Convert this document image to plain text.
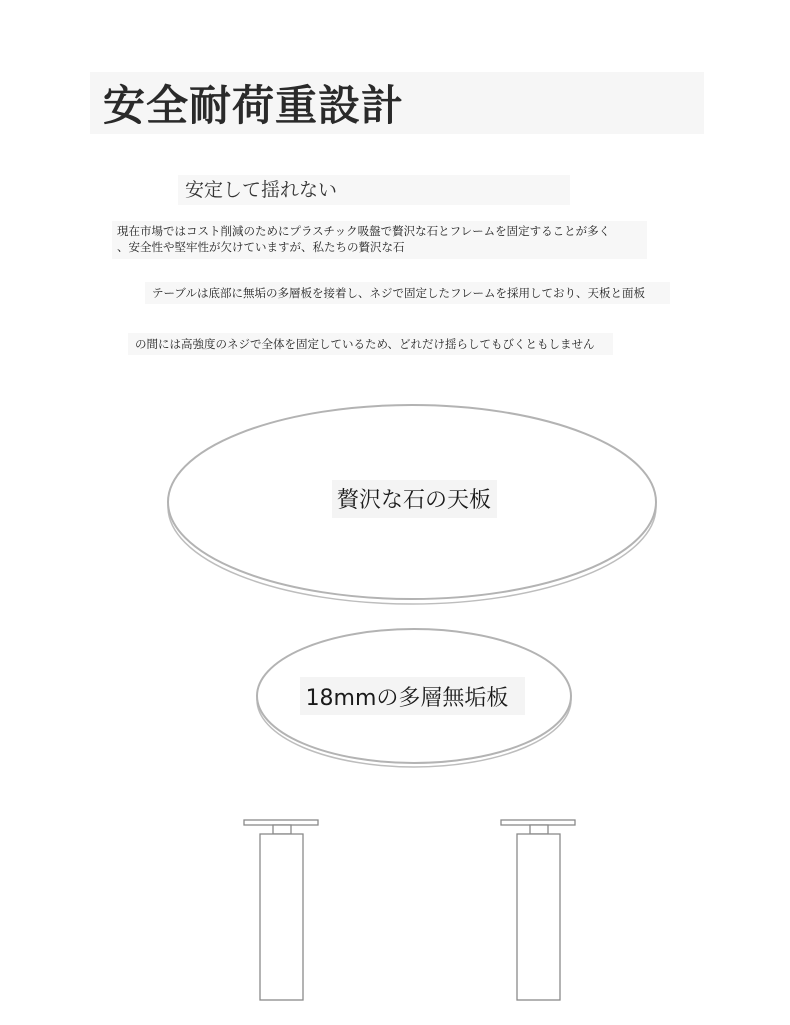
安全耐荷重設計
安定して揺れない

現在市場ではコスト削減のためにプラスチック吸盤で贅沢な石とフレームを固定することが多く

、安全性や堅牢性が欠けていますが、私たちの贅沢な石

テーブルは底部に無垢の多層板を接着し、ネジで固定したフレームを採用しており、天板と面板

の間には高強度のネジで全体を固定しているため、どれだけ揺らしてもびくともしません

贅沢な石の天板
18mmの多層無垢板
